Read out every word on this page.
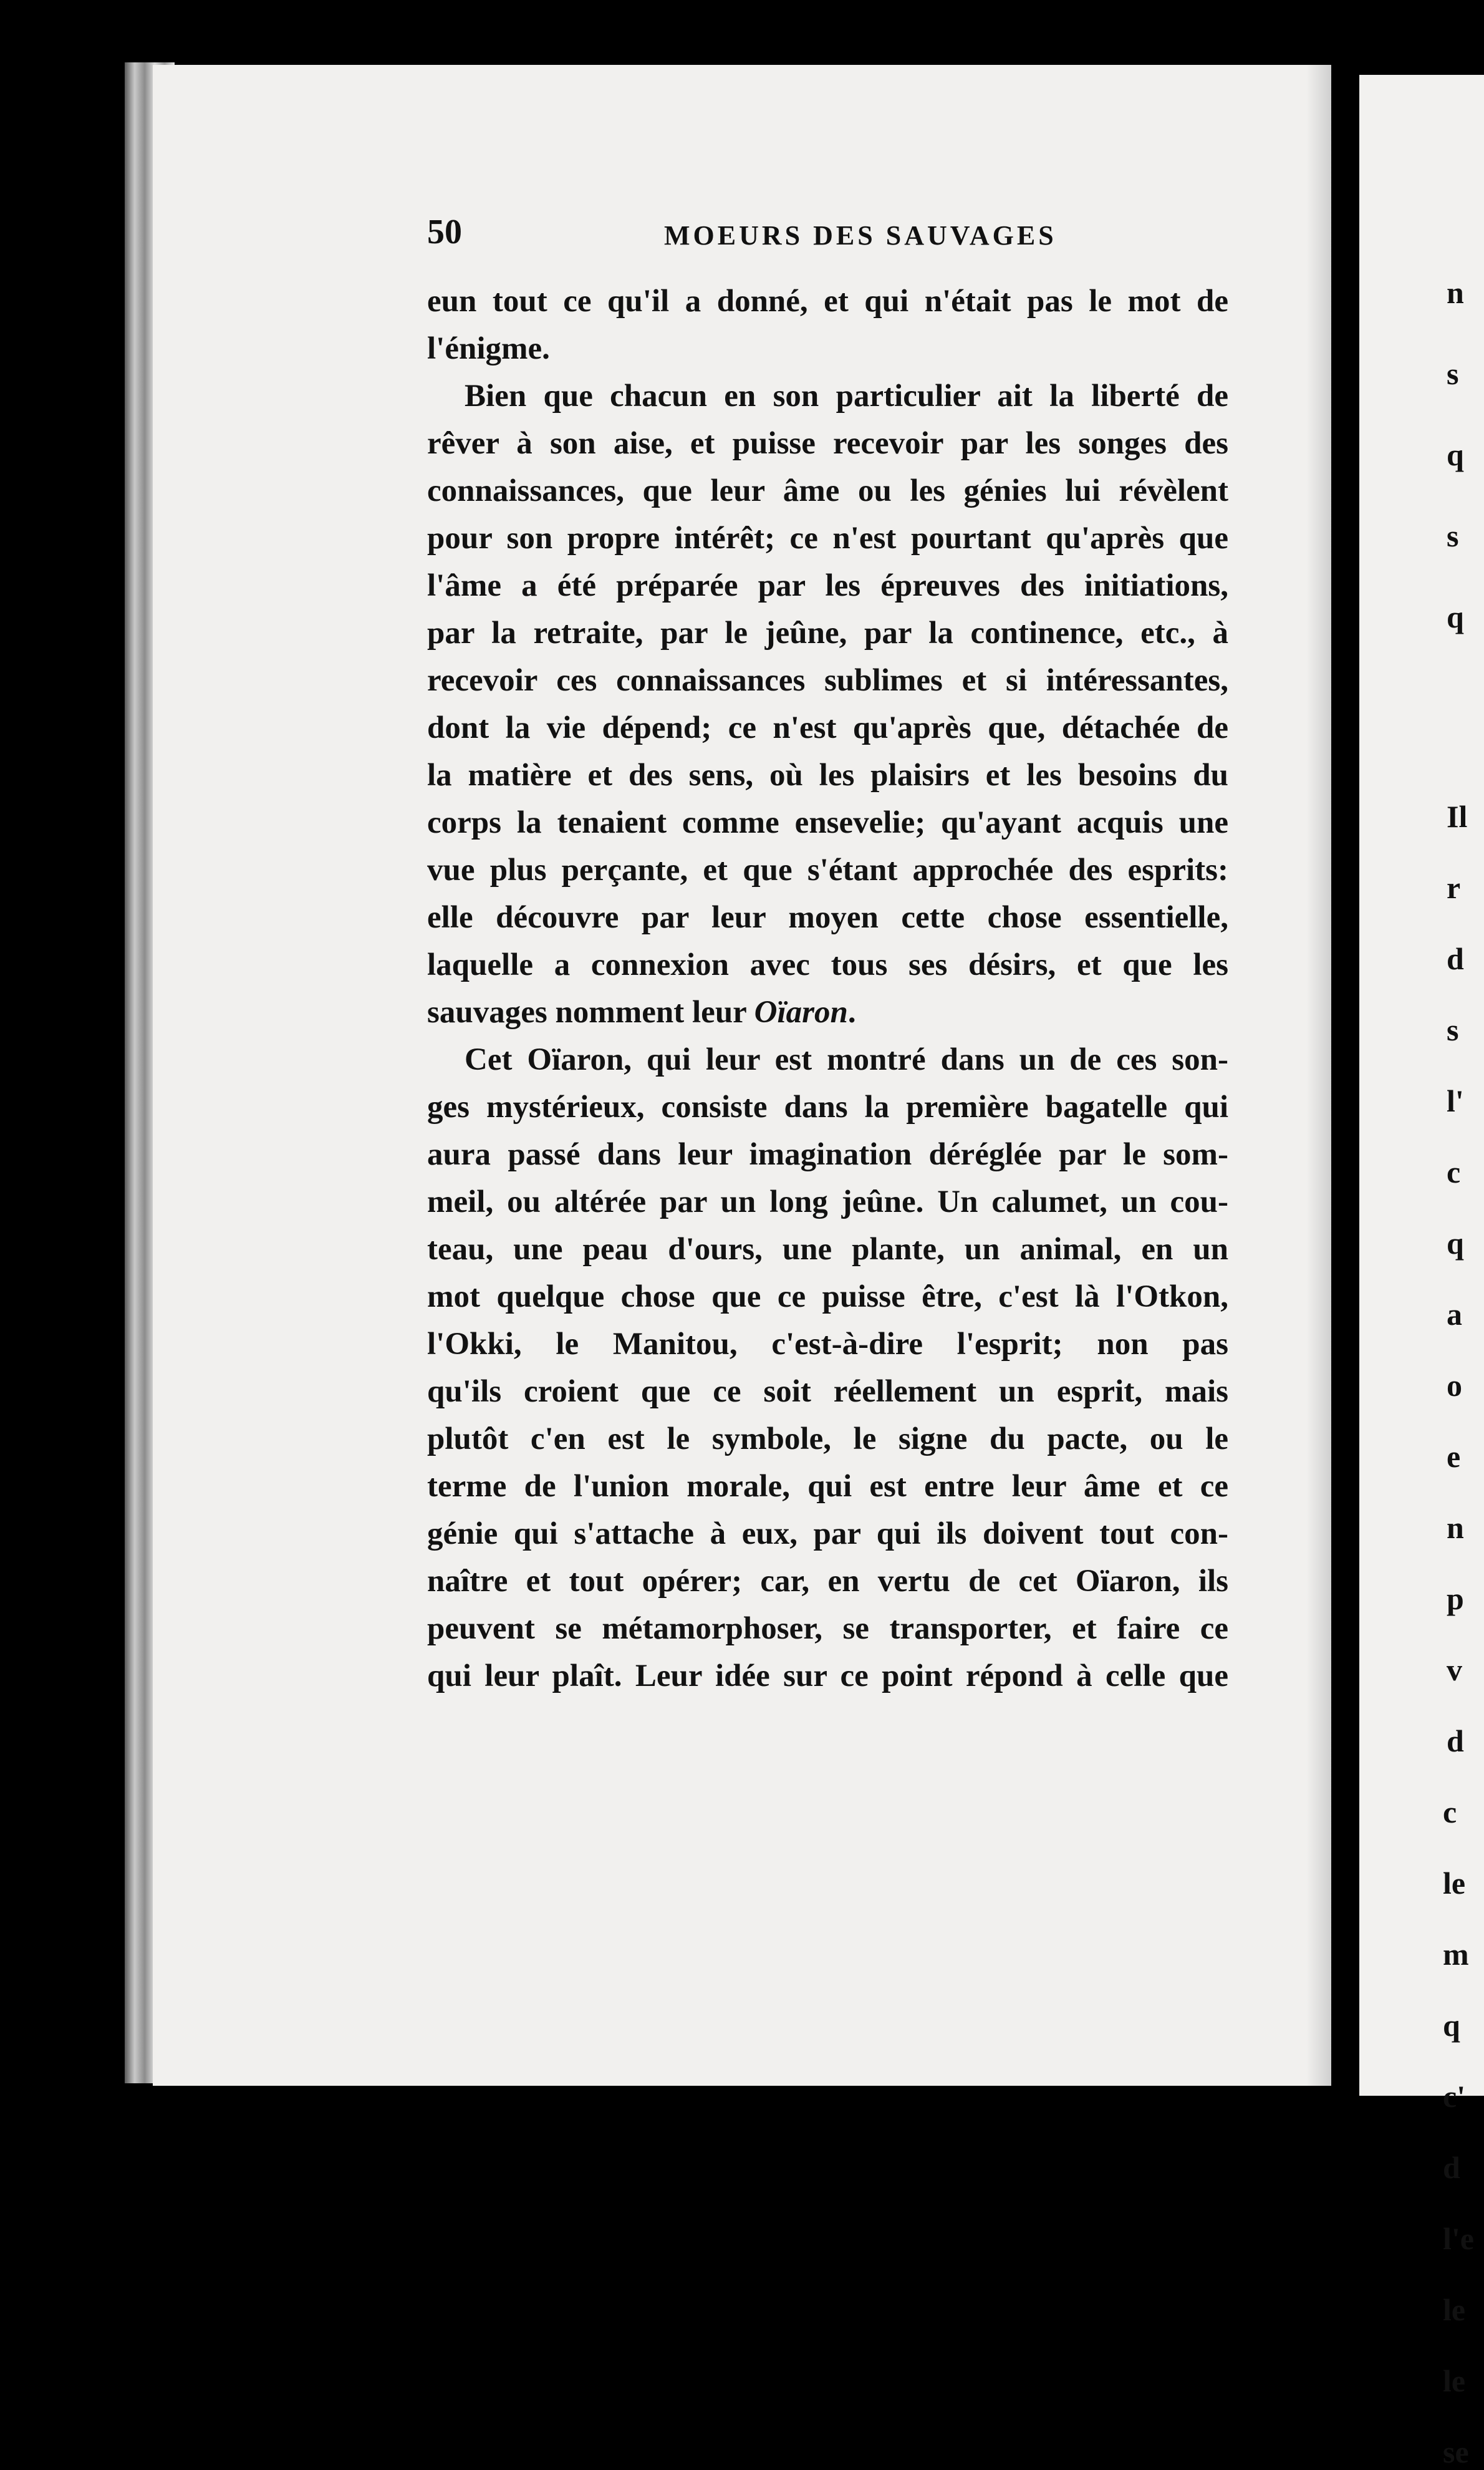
50	MOEURS DES SAUVAGES
eun tout ce qu'il a donné, et qui n'était pas le mot de
l'énigme.
Bien que chacun en son particulier ait la liberté de
rêver à son aise, et puisse recevoir par les songes des
connaissances, que leur âme ou les génies lui révèlent
pour son propre intérêt; ce n'est pourtant qu'après que
l'âme a été préparée par les épreuves des initiations,
par la retraite, par le jeûne, par la continence, etc., à
recevoir ces connaissances sublimes et si intéressantes,
dont la vie dépend; ce n'est qu'après que, détachée de
la matière et des sens, où les plaisirs et les besoins du
corps la tenaient comme ensevelie; qu'ayant acquis une
vue plus perçante, et que s'étant approchée des esprits:
elle découvre par leur moyen cette chose essentielle,
laquelle a connexion avec tous ses désirs, et que les
sauvages nomment leur Oïaron.
Cet Oïaron, qui leur est montré dans un de ces son-
ges mystérieux, consiste dans la première bagatelle qui
aura passé dans leur imagination déréglée par le som-
meil, ou altérée par un long jeûne. Un calumet, un cou-
teau, une peau d'ours, une plante, un animal, en un
mot quelque chose que ce puisse être, c'est là l'Otkon,
l'Okki, le Manitou, c'est-à-dire l'esprit; non pas
qu'ils croient que ce soit réellement un esprit, mais
plutôt c'en est le symbole, le signe du pacte, ou le
terme de l'union morale, qui est entre leur âme et ce
génie qui s'attache à eux, par qui ils doivent tout con-
naître et tout opérer; car, en vertu de cet Oïaron, ils
peuvent se métamorphoser, se transporter, et faire ce
qui leur plaît. Leur idée sur ce point répond à celle que
n
s
q
s
q
Il
r
d
s
l'
c
q
a
o
e
n
p
v
d
c
le
m
q
c'
d
l'e
le
le
se
